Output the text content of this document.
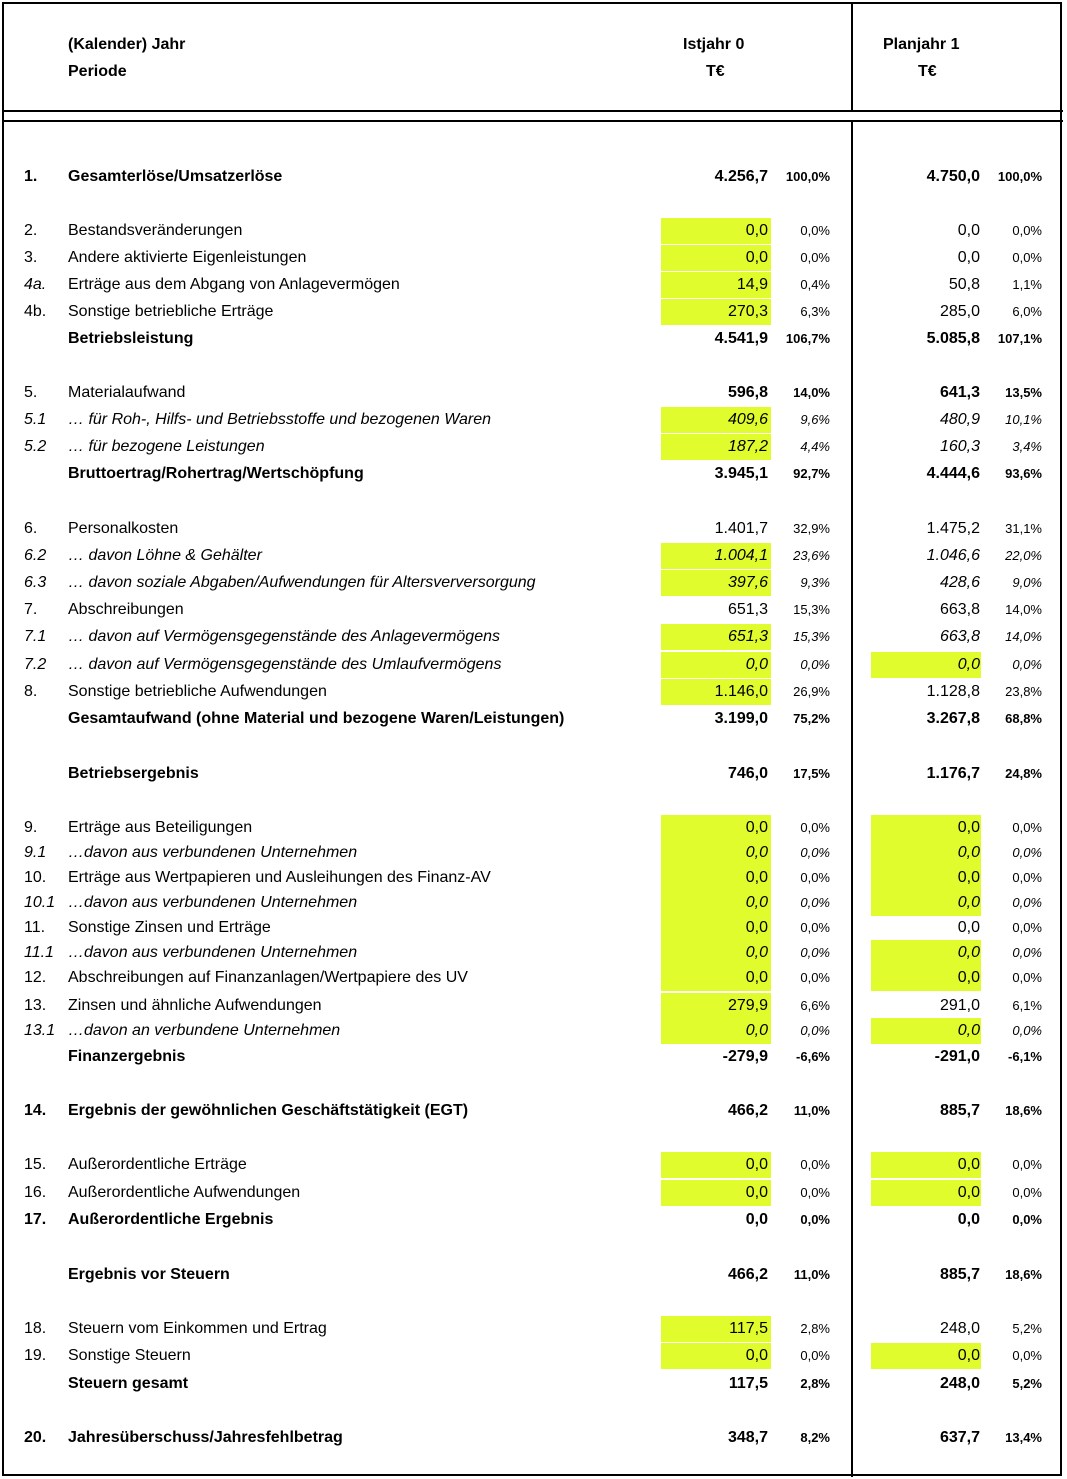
(Kalender) Jahr
Periode
Istjahr 0
T€
Planjahr 1
T€
1. Gesamterlöse/Umsatzerlöse	4.256,7 100,0%	4.750,0 100,0%
2. Bestandsveränderungen	0,0 0,0%	0,0 0,0%
3. Andere aktivierte Eigenleistungen	0,0 0,0%	0,0 0,0%
4a. Erträge aus dem Abgang von Anlagevermögen	14,9 0,4%	50,8 1,1%
4b. Sonstige betriebliche Erträge	270,3 6,3%	285,0 6,0%
Betriebsleistung	4.541,9 106,7%	5.085,8 107,1%
5. Materialaufwand	596,8 14,0%	641,3 13,5%
5.1 … für Roh-, Hilfs- und Betriebsstoffe und bezogenen Waren	409,6 9,6%	480,9 10,1%
5.2 … für bezogene Leistungen	187,2 4,4%	160,3 3,4%
Bruttoertrag/Rohertrag/Wertschöpfung	3.945,1 92,7%	4.444,6 93,6%
6. Personalkosten	1.401,7 32,9%	1.475,2 31,1%
6.2 … davon Löhne & Gehälter	1.004,1 23,6%	1.046,6 22,0%
6.3 … davon soziale Abgaben/Aufwendungen für Altersverversorgung	397,6 9,3%	428,6 9,0%
7. Abschreibungen	651,3 15,3%	663,8 14,0%
7.1 … davon auf Vermögensgegenstände des Anlagevermögens	651,3 15,3%	663,8 14,0%
7.2 … davon auf Vermögensgegenstände des Umlaufvermögens	0,0 0,0%	0,0 0,0%
8. Sonstige betriebliche Aufwendungen	1.146,0 26,9%	1.128,8 23,8%
Gesamtaufwand (ohne Material und bezogene Waren/Leistungen)	3.199,0 75,2%	3.267,8 68,8%
Betriebsergebnis	746,0 17,5%	1.176,7 24,8%
9. Erträge aus Beteiligungen	0,0 0,0%	0,0 0,0%
9.1 …davon aus verbundenen Unternehmen	0,0 0,0%	0,0 0,0%
10. Erträge aus Wertpapieren und Ausleihungen des Finanz-AV	0,0 0,0%	0,0 0,0%
10.1 …davon aus verbundenen Unternehmen	0,0 0,0%	0,0 0,0%
11. Sonstige Zinsen und Erträge	0,0 0,0%	0,0 0,0%
11.1 …davon aus verbundenen Unternehmen	0,0 0,0%	0,0 0,0%
12. Abschreibungen auf Finanzanlagen/Wertpapiere des UV	0,0 0,0%	0,0 0,0%
13. Zinsen und ähnliche Aufwendungen	279,9 6,6%	291,0 6,1%
13.1 …davon an verbundene Unternehmen	0,0 0,0%	0,0 0,0%
Finanzergebnis	-279,9 -6,6%	-291,0 -6,1%
14. Ergebnis der gewöhnlichen Geschäftstätigkeit (EGT)	466,2 11,0%	885,7 18,6%
15. Außerordentliche Erträge	0,0 0,0%	0,0 0,0%
16. Außerordentliche Aufwendungen	0,0 0,0%	0,0 0,0%
17. Außerordentliche Ergebnis	0,0 0,0%	0,0 0,0%
Ergebnis vor Steuern	466,2 11,0%	885,7 18,6%
18. Steuern vom Einkommen und Ertrag	117,5 2,8%	248,0 5,2%
19. Sonstige Steuern	0,0 0,0%	0,0 0,0%
Steuern gesamt	117,5 2,8%	248,0 5,2%
20. Jahresüberschuss/Jahresfehlbetrag	348,7 8,2%	637,7 13,4%
